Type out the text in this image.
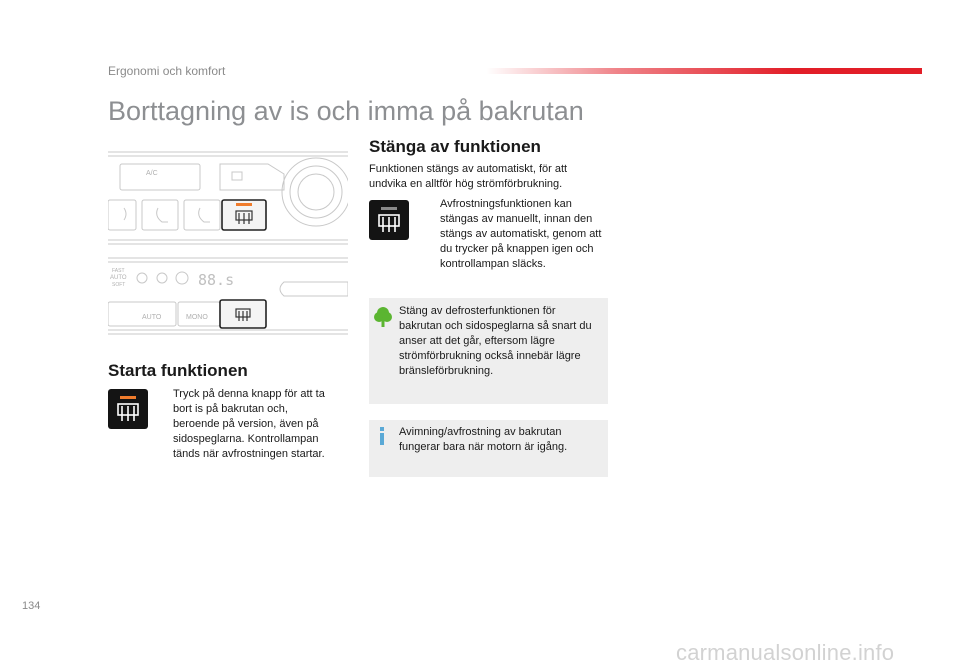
Ergonomi och komfort
Borttagning av is och imma på bakrutan
A/C
FAST
AUTO
SOFT	88.s
AUTO	MONO
Starta funktionen
Tryck på denna knapp för att ta bort is på bakrutan och, beroende på version, även på sidospeglarna. Kontrollampan tänds när avfrostningen startar.
Stänga av funktionen
Funktionen stängs av automatiskt, för att undvika en alltför hög strömförbrukning.
Avfrostningsfunktionen kan stängas av manuellt, innan den stängs av automatiskt, genom att du trycker på knappen igen och kontrollampan släcks.
Stäng av defrosterfunktionen för bakrutan och sidospeglarna så snart du anser att det går, eftersom lägre strömförbrukning också innebär lägre bränsleförbrukning.
Avimning/avfrostning av bakrutan fungerar bara när motorn är igång.
134
carmanualsonline.info
